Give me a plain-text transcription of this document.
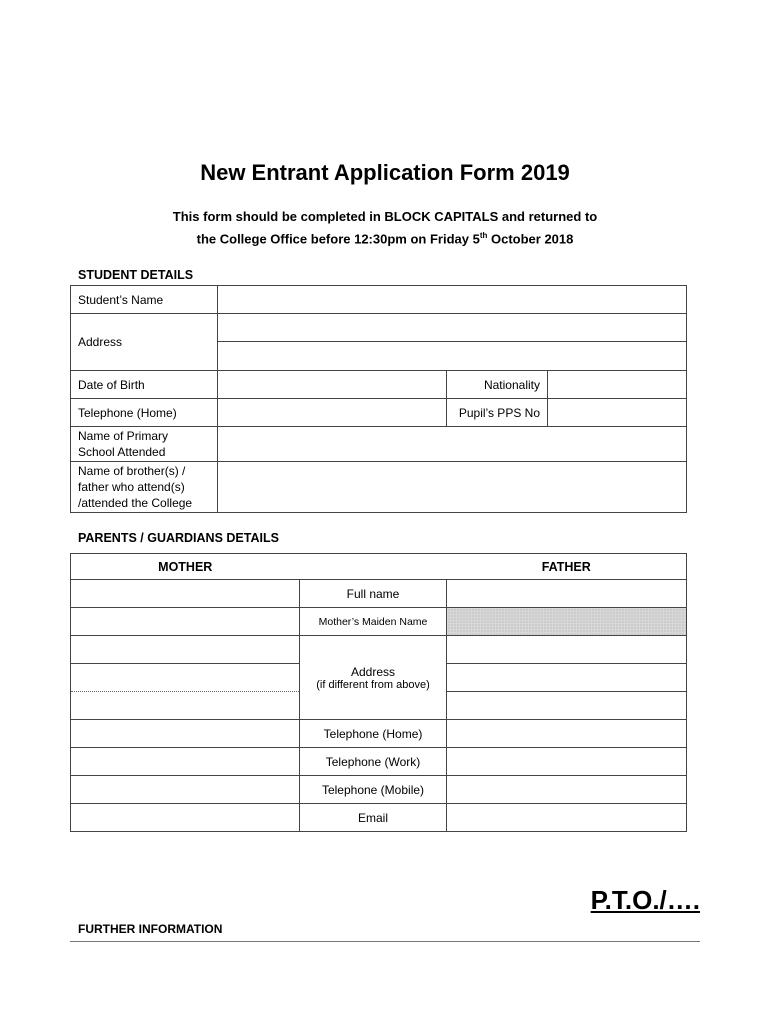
New Entrant Application Form 2019
This form should be completed in BLOCK CAPITALS and returned to
the College Office before 12:30pm on Friday 5th October 2018
STUDENT DETAILS
Student’s Name			
Address			

Date of Birth		Nationality	
Telephone (Home)		Pupil’s PPS No	

Name of Primary
School Attended			

Name of brother(s) /
father who attend(s)
/attended the College			

PARENTS / GUARDIANS DETAILS
MOTHER		FATHER
	Full name	
	Mother’s Maiden Name	
	Address
(if different from above)	

	Telephone (Home)	
	Telephone (Work)	
	Telephone (Mobile)	
	Email	
P.T.O./….
FURTHER INFORMATION
